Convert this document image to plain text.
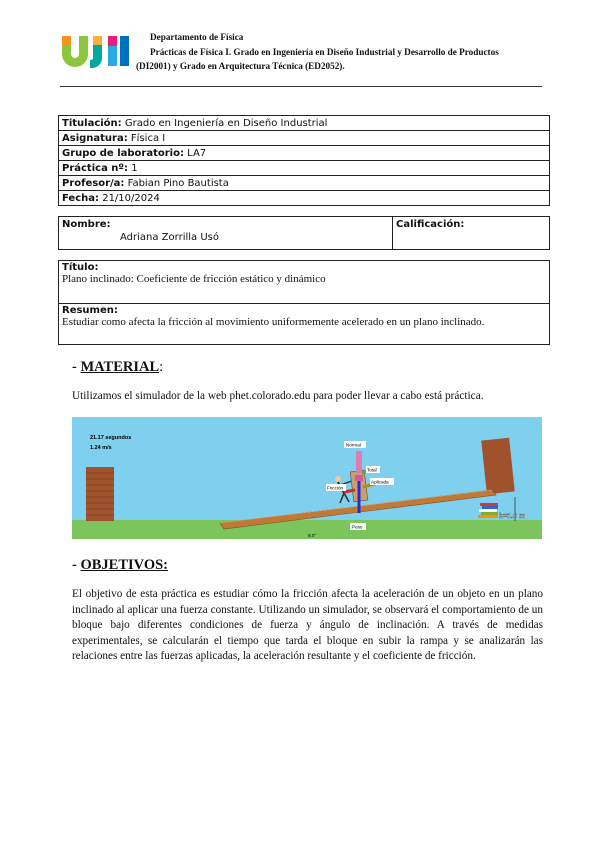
Departamento de Física
Prácticas de Física I. Grado en Ingeniería en Diseño Industrial y Desarrollo de Productos
(DI2001) y Grado en Arquitectura Técnica (ED2052).
Titulación: Grado en Ingeniería en Diseño Industrial
Asignatura: Física I
Grupo de laboratorio: LA7
Práctica nº: 1
Profesor/a: Fabian Pino Bautista
Fecha: 21/10/2024
Nombre:
Adriana Zorrilla Usó
	Calificación:
Título:
Plano inclinado: Coeficiente de fricción estático y dinámico

Resumen:
Estudiar como afecta la fricción al movimiento uniformemente acelerado en un plano inclinado.
- MATERIAL:
Utilizamos el simulador de la web phet.colorado.edu para poder llevar a cabo está práctica.
21.17 segundos
1.24 m/s	Normal
Total
Aplicada
Fricción
Peso
9.0°
h=1.6 m
- OBJETIVOS:
El objetivo de esta práctica es estudiar cómo la fricción afecta la aceleración de un objeto en un plano inclinado al aplicar una fuerza constante. Utilizando un simulador, se observará el comportamiento de un bloque bajo diferentes condiciones de fuerza y ángulo de inclinación. A través de medidas experimentales, se calcularán el tiempo que tarda el bloque en subir la rampa y se analizarán las relaciones entre las fuerzas aplicadas, la aceleración resultante y el coeficiente de fricción.
